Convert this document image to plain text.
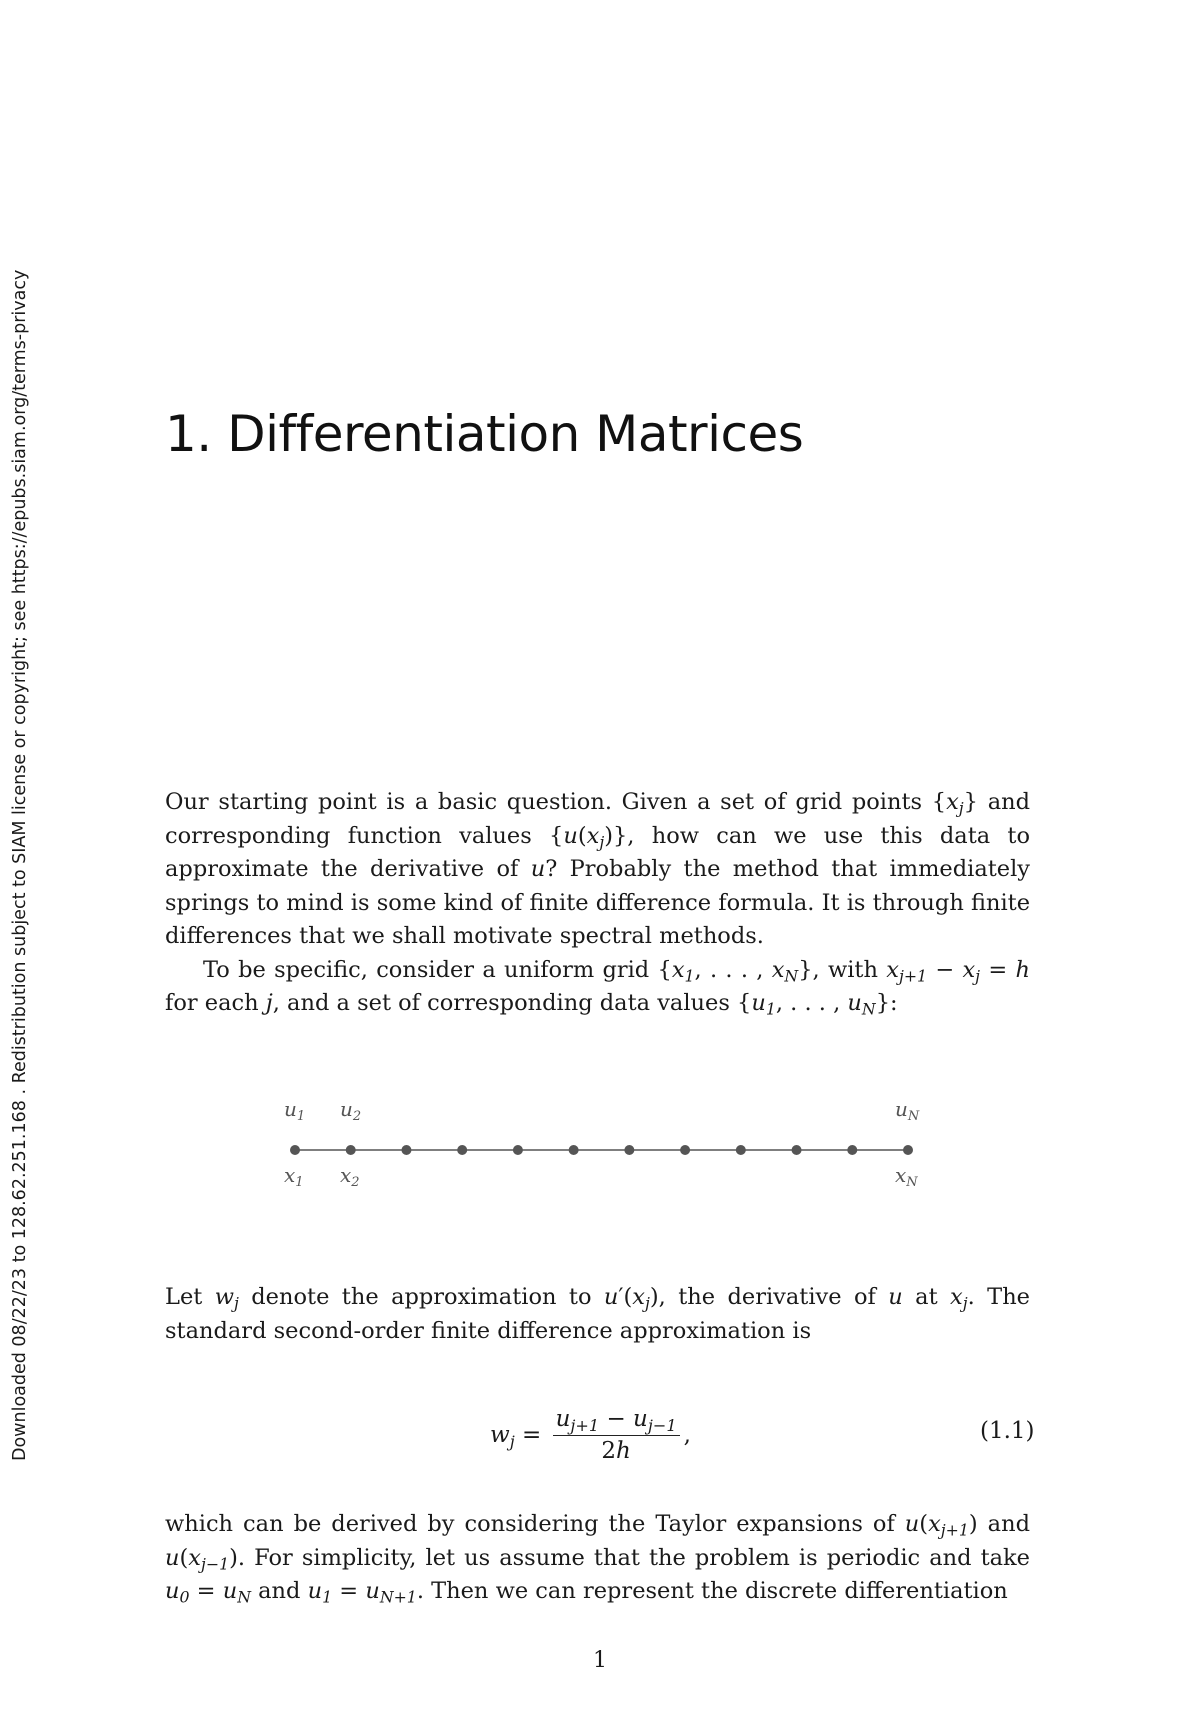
Downloaded 08/22/23 to 128.62.251.168 . Redistribution subject to SIAM license or copyright; see https://epubs.siam.org/terms-privacy	1. Differentiation Matrices

Our starting point is a basic question. Given a set of grid points $\{x_j\}$ and corresponding function values $\{u(x_j)\}$, how can we use this data to approximate the derivative of u? Probably the method that immediately springs to mind is some kind of finite difference formula. It is through finite differences that we shall motivate spectral methods.

To be specific, consider a uniform grid {$x_1$, . . . , $x_N$}, with $x_{j+1} - x_j = h$ for each j, and a set of corresponding data values {$u_1$, . . . , $u_N$}:

$u_1$ $u_2$	$u_N$
$x_1$ $x_2$	$x_N$

Let $w_j$ denote the approximation to $u'(x_j)$, the derivative of u at $x_j$. The standard second-order finite difference approximation is

$w_j = \frac{u_{j+1} - u_{j-1}}{2h}$ ,	(1.1)

which can be derived by considering the Taylor expansions of $u(x_{j+1})$ and $u(x_{j-1})$. For simplicity, let us assume that the problem is periodic and take $u_0 = u_N$ and $u_1 = u_{N+1}$. Then we can represent the discrete differentiation

1
